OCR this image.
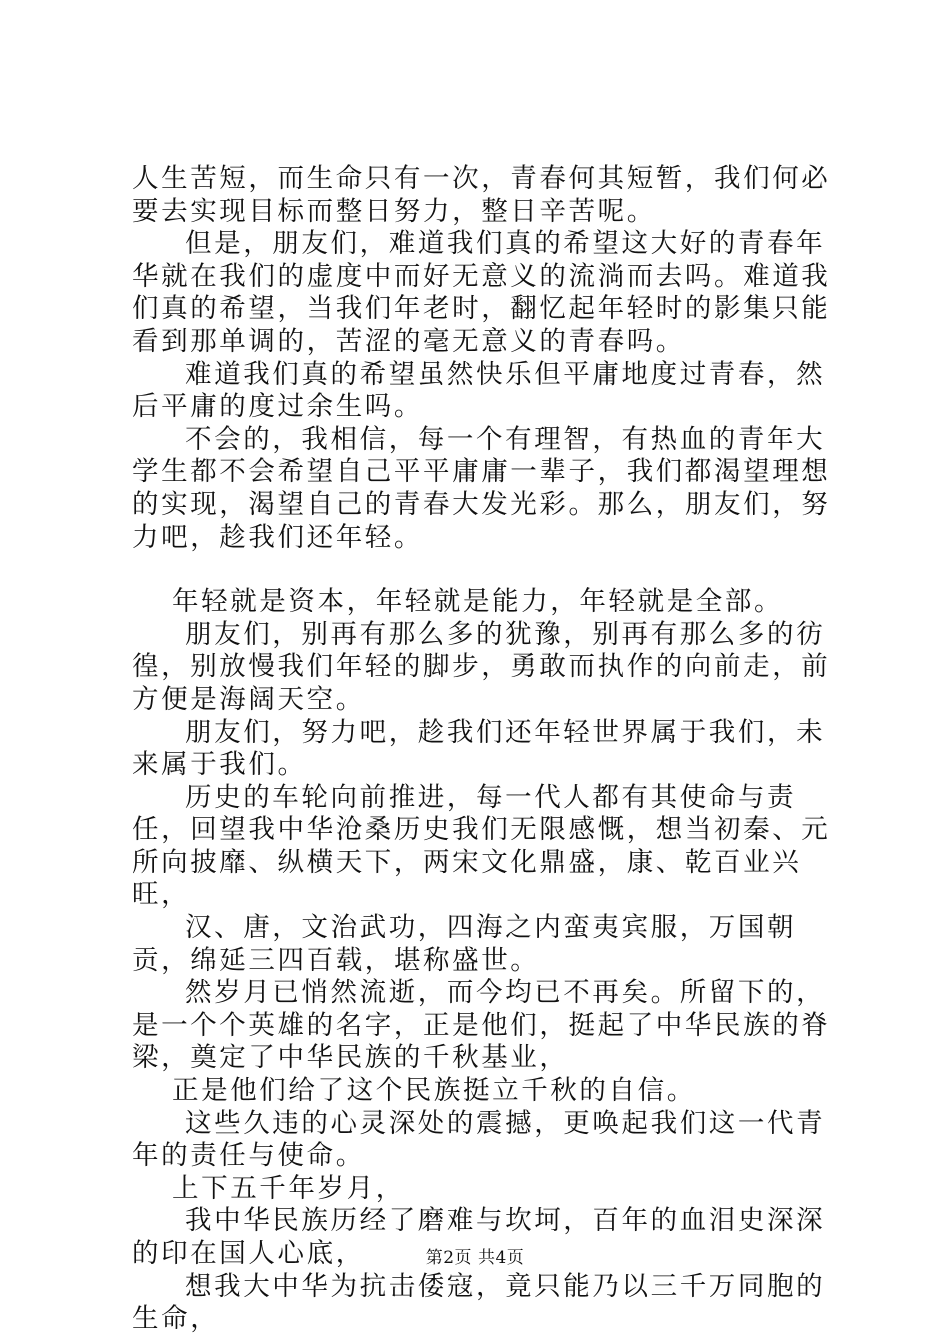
人生苦短，而生命只有一次，青春何其短暂，我们何必要去实现目标而整日努力，整日辛苦呢。

但是，朋友们，难道我们真的希望这大好的青春年华就在我们的虚度中而好无意义的流淌而去吗。难道我们真的希望，当我们年老时，翻忆起年轻时的影集只能看到那单调的，苦涩的毫无意义的青春吗。

难道我们真的希望虽然快乐但平庸地度过青春，然后平庸的度过余生吗。

不会的，我相信，每一个有理智，有热血的青年大学生都不会希望自己平平庸庸一辈子，我们都渴望理想的实现，渴望自己的青春大发光彩。那么，朋友们，努力吧，趁我们还年轻。

年轻就是资本，年轻就是能力，年轻就是全部。

朋友们，别再有那么多的犹豫，别再有那么多的彷徨，别放慢我们年轻的脚步，勇敢而执作的向前走，前方便是海阔天空。

朋友们，努力吧，趁我们还年轻世界属于我们，未来属于我们。

历史的车轮向前推进，每一代人都有其使命与责任，回望我中华沧桑历史我们无限感慨，想当初秦、元所向披靡、纵横天下，两宋文化鼎盛，康、乾百业兴旺，

汉、唐，文治武功，四海之内蛮夷宾服，万国朝贡，绵延三四百载，堪称盛世。

然岁月已悄然流逝，而今均已不再矣。所留下的，是一个个英雄的名字，正是他们，挺起了中华民族的脊梁，奠定了中华民族的千秋基业，

正是他们给了这个民族挺立千秋的自信。

这些久违的心灵深处的震撼，更唤起我们这一代青年的责任与使命。

上下五千年岁月，

我中华民族历经了磨难与坎坷，百年的血泪史深深的印在国人心底，

想我大中华为抗击倭寇，竟只能乃以三千万同胞的生命，

第2页 共4页
